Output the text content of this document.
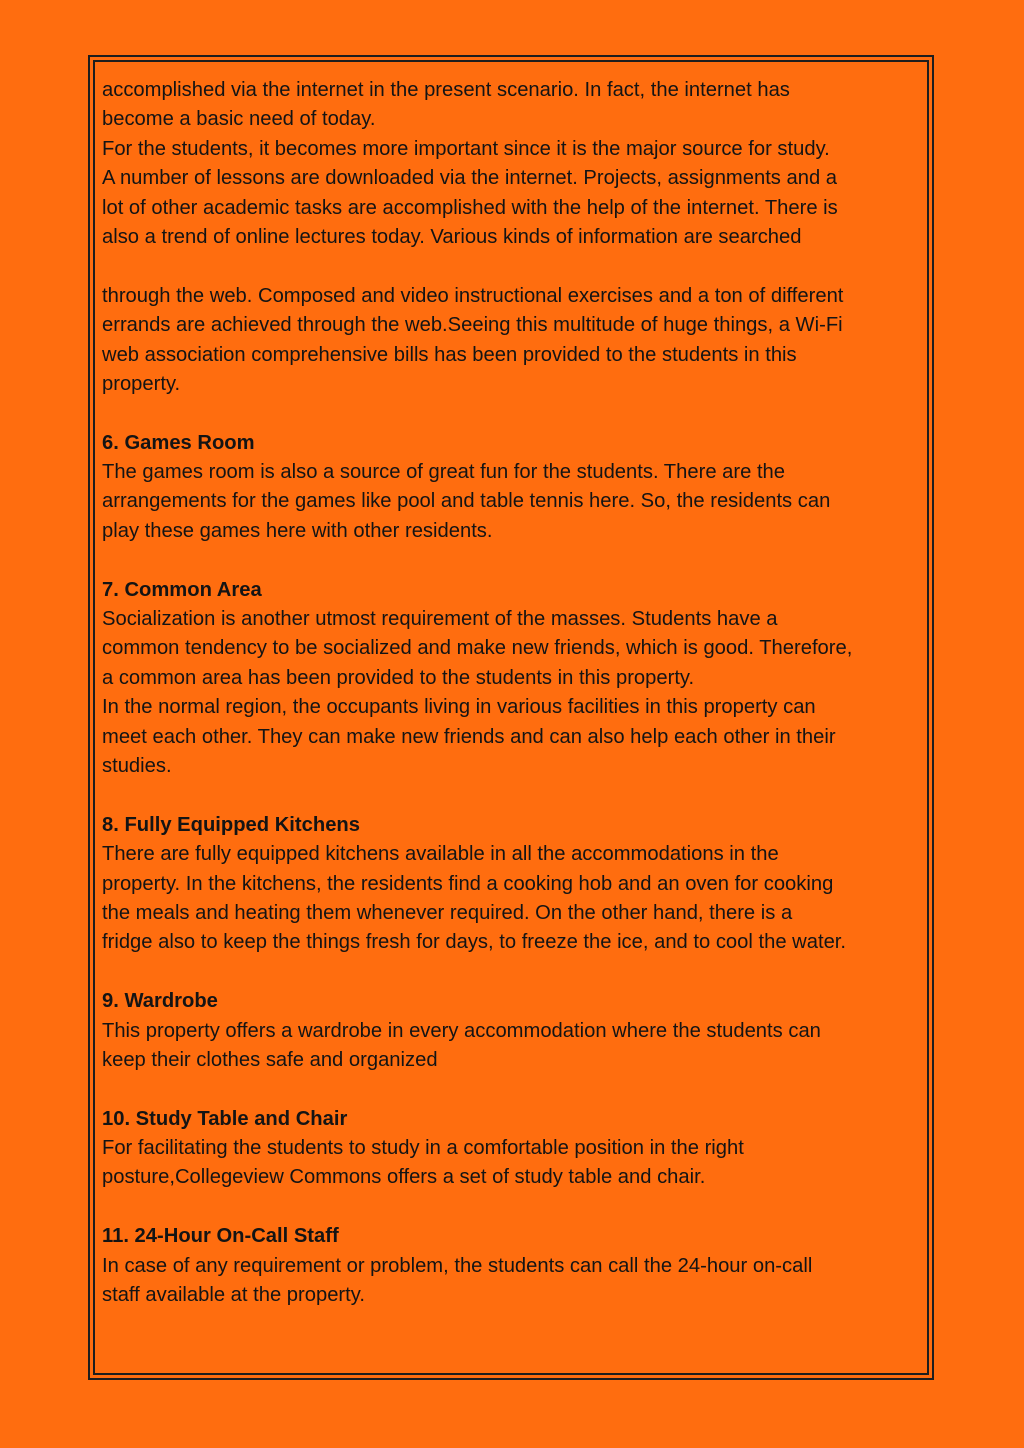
accomplished via the internet in the present scenario. In fact, the internet has
become a basic need of today.
For the students, it becomes more important since it is the major source for study.
A number of lessons are downloaded via the internet. Projects, assignments and a
lot of other academic tasks are accomplished with the help of the internet. There is
also a trend of online lectures today. Various kinds of information are searched
through the web. Composed and video instructional exercises and a ton of different
errands are achieved through the web.Seeing this multitude of huge things, a Wi-Fi
web association comprehensive bills has been provided to the students in this
property.
6. Games Room
The games room is also a source of great fun for the students. There are the
arrangements for the games like pool and table tennis here. So, the residents can
play these games here with other residents.
7. Common Area
Socialization is another utmost requirement of the masses. Students have a
common tendency to be socialized and make new friends, which is good. Therefore,
a common area has been provided to the students in this property.
In the normal region, the occupants living in various facilities in this property can
meet each other. They can make new friends and can also help each other in their
studies.
8. Fully Equipped Kitchens
There are fully equipped kitchens available in all the accommodations in the
property. In the kitchens, the residents find a cooking hob and an oven for cooking
the meals and heating them whenever required. On the other hand, there is a
fridge also to keep the things fresh for days, to freeze the ice, and to cool the water.
9. Wardrobe
This property offers a wardrobe in every accommodation where the students can
keep their clothes safe and organized
10. Study Table and Chair
For facilitating the students to study in a comfortable position in the right
posture,Collegeview Commons offers a set of study table and chair.
11. 24-Hour On-Call Staff
In case of any requirement or problem, the students can call the 24-hour on-call
staff available at the property.
